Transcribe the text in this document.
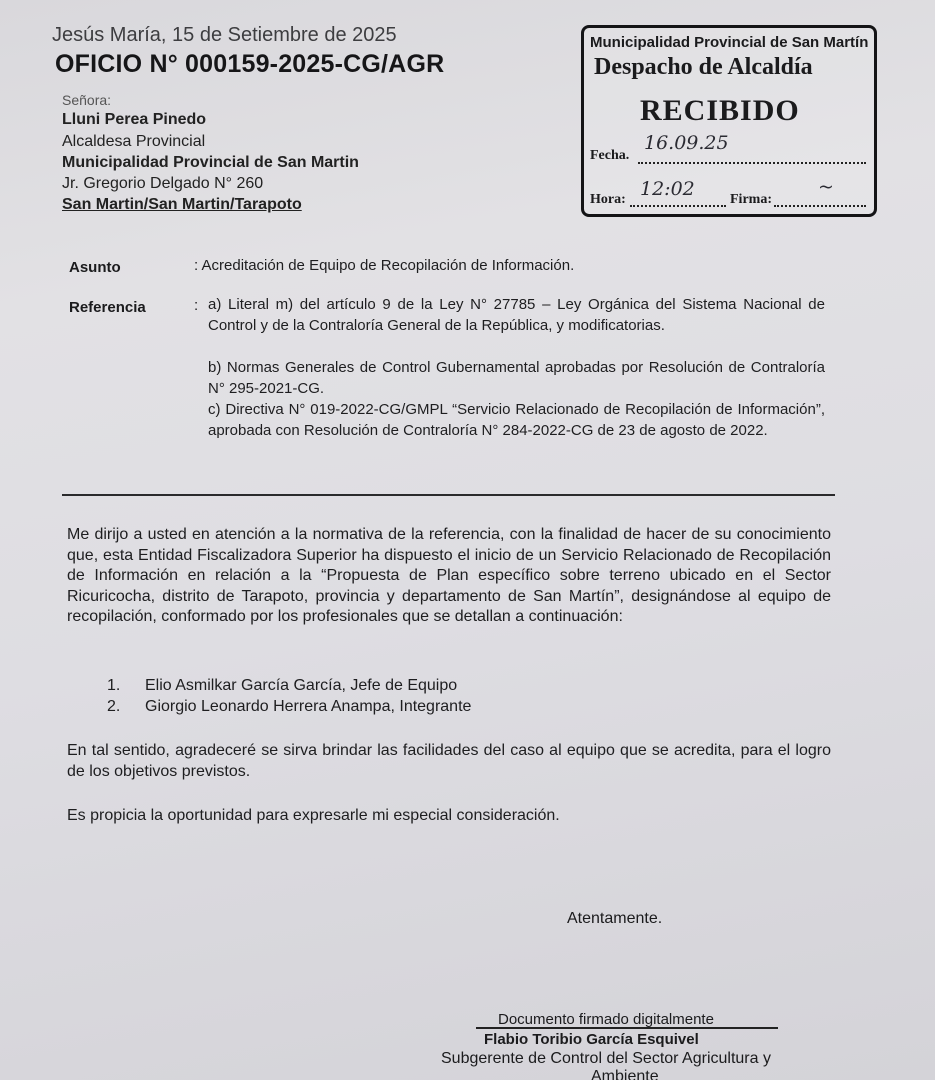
Jesús María, 15 de Setiembre de 2025
OFICIO N° 000159-2025-CG/AGR
Señora:
Lluni Perea Pinedo
Alcaldesa Provincial
Municipalidad Provincial de San Martin
Jr. Gregorio Delgado N° 260
San Martin/San Martin/Tarapoto
Municipalidad Provincial de San Martín
Despacho de Alcaldía
RECIBIDO
Fecha.
16.09.25
Hora: 12:02	Firma:
~
Asunto	: Acreditación de Equipo de Recopilación de Información.
Referencia	: a) Literal m) del artículo 9 de la Ley N° 27785 – Ley Orgánica del Sistema Nacional de Control y de la Contraloría General de la República, y modificatorias.
b) Normas Generales de Control Gubernamental aprobadas por Resolución de Contraloría N° 295-2021-CG.
c) Directiva N° 019-2022-CG/GMPL “Servicio Relacionado de Recopilación de Información”, aprobada con Resolución de Contraloría N° 284-2022-CG de 23 de agosto de 2022.
Me dirijo a usted en atención a la normativa de la referencia, con la finalidad de hacer de su conocimiento que, esta Entidad Fiscalizadora Superior ha dispuesto el inicio de un Servicio Relacionado de Recopilación de Información en relación a la “Propuesta de Plan específico sobre terreno ubicado en el Sector Ricuricocha, distrito de Tarapoto, provincia y departamento de San Martín”, designándose al equipo de recopilación, conformado por los profesionales que se detallan a continuación:
1. Elio Asmilkar García García, Jefe de Equipo
2. Giorgio Leonardo Herrera Anampa, Integrante
En tal sentido, agradeceré se sirva brindar las facilidades del caso al equipo que se acredita, para el logro de los objetivos previstos.
Es propicia la oportunidad para expresarle mi especial consideración.
Atentamente.
Documento firmado digitalmente
Flabio Toribio García Esquivel
Subgerente de Control del Sector Agricultura y
Ambiente
